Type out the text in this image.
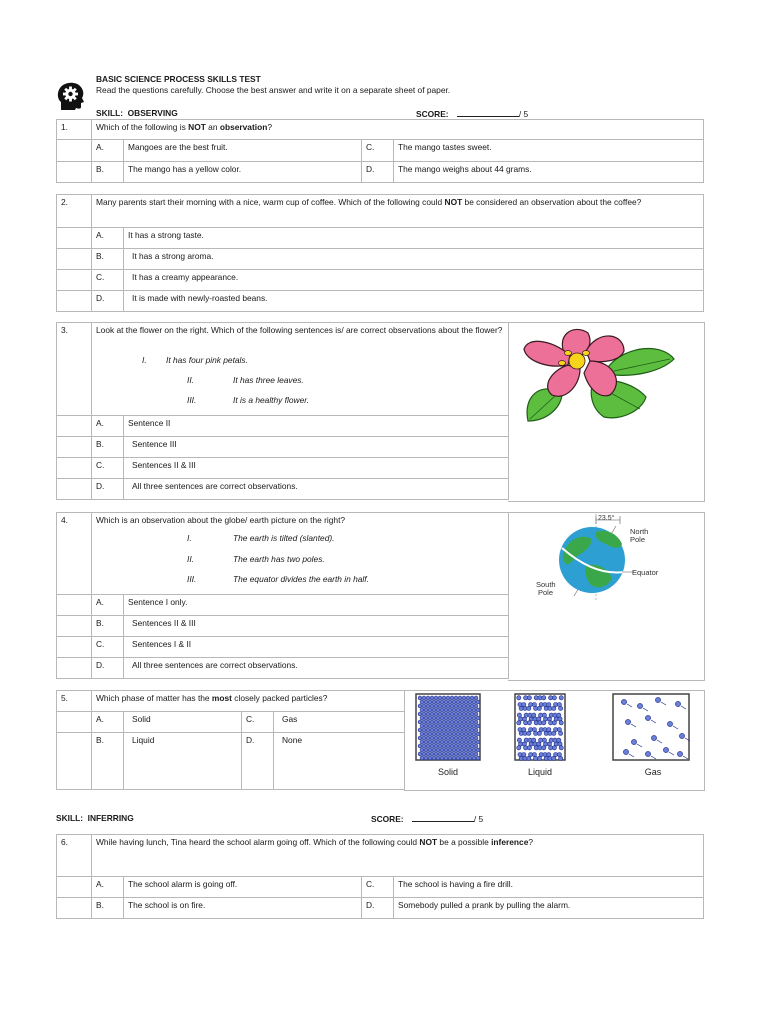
BASIC SCIENCE PROCESS SKILLS TEST
Read the questions carefully. Choose the best answer and write it on a separate sheet of paper.
SKILL: OBSERVING	SCORE:	/ 5
1.	Which of the following is NOT an observation?			
	A.	Mangoes are the best fruit.	C.	The mango tastes sweet.
	B.	The mango has a yellow color.	D.	The mango weighs about 44 grams.
2.	Many parents start their morning with a nice, warm cup of coffee. Which of the following could NOT be considered an observation about the coffee?	
	A.	It has a strong taste.
	B.	It has a strong aroma.
	C.	It has a creamy appearance.
	D.	It is made with newly-roasted beans.
3.	Look at the flower on the right. Which of the following sentences is/ are correct observations about the flower?	
	A.	Sentence II
	B.	Sentence III
	C.	Sentences II & III
	D.	All three sentences are correct observations.
I. It has four pink petals.
II.	It has three leaves.
III.	It is a healthy flower.
4.	Which is an observation about the globe/ earth picture on the right?	
	A.	Sentence I only.
	B.	Sentences II & III
	C.	Sentences I & II
	D.	All three sentences are correct observations.
I.	The earth is tilted (slanted).
II.	The earth has two poles.
III.	The equator divides the earth in half.
23.5°
North
Pole
Equator
South
Pole
5.	Which phase of matter has the most closely packed particles?			
	A.	Solid	C.	Gas
	B.	Liquid	D.	None
Solid	Liquid	Gas
SKILL: INFERRING	SCORE:	/ 5
6.	While having lunch, Tina heard the school alarm going off. Which of the following could NOT be a possible inference?			
	A.	The school alarm is going off.	C.	The school is having a fire drill.
	B.	The school is on fire.	D.	Somebody pulled a prank by pulling the alarm.
